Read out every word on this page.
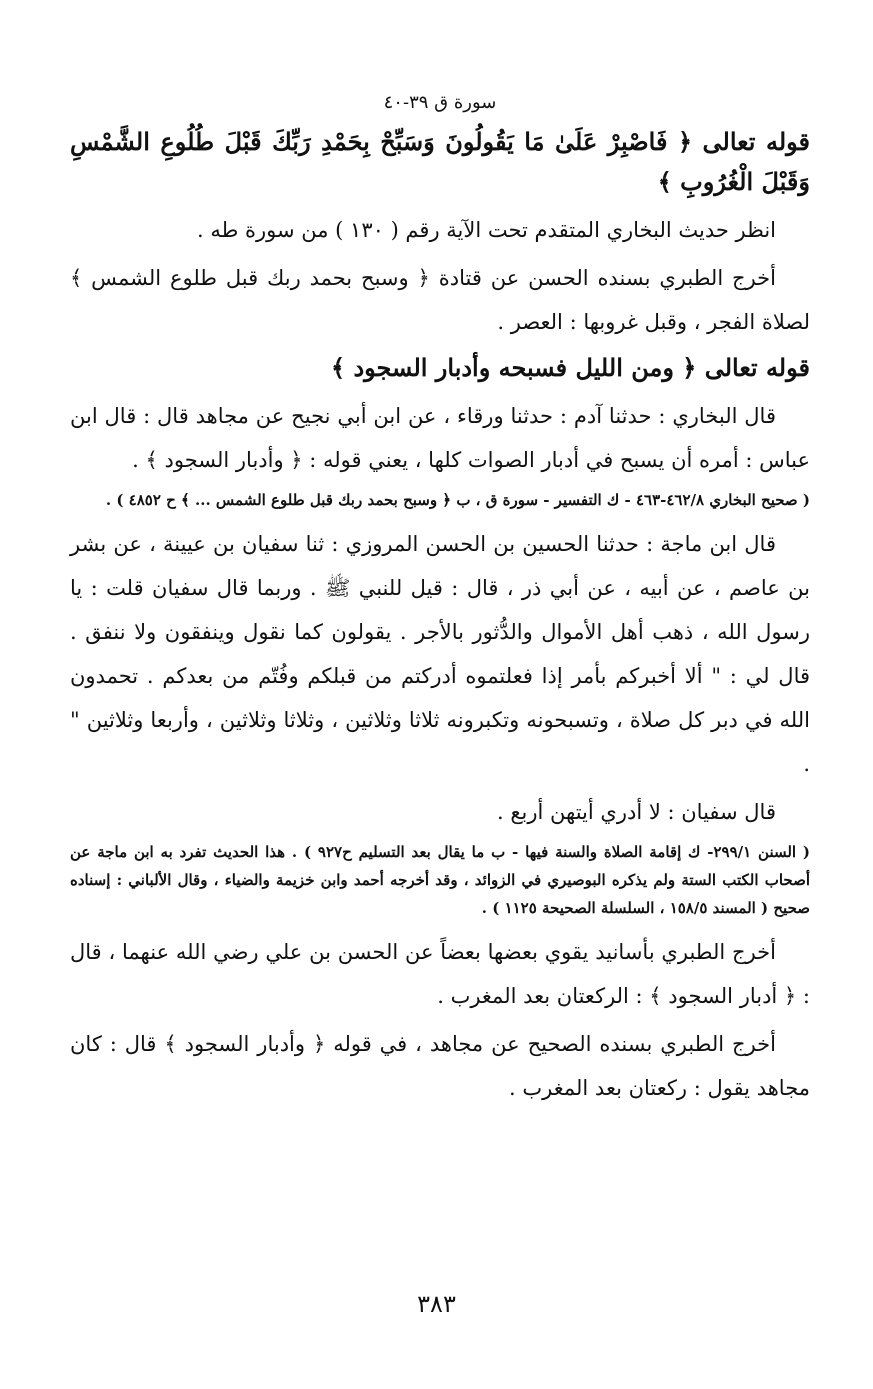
سورة ق ٣٩-٤٠
قوله تعالى ﴿ فَاصْبِرْ عَلَىٰ مَا يَقُولُونَ وَسَبِّحْ بِحَمْدِ رَبِّكَ قَبْلَ طُلُوعِ الشَّمْسِ وَقَبْلَ الْغُرُوبِ ﴾
انظر حديث البخاري المتقدم تحت الآية رقم ( ١٣٠ ) من سورة طه .
أخرج الطبري بسنده الحسن عن قتادة ﴿ وسبح بحمد ربك قبل طلوع الشمس ﴾ لصلاة الفجر ، وقبل غروبها : العصر .
قوله تعالى ﴿ ومن الليل فسبحه وأدبار السجود ﴾
قال البخاري : حدثنا آدم : حدثنا ورقاء ، عن ابن أبي نجيح عن مجاهد قال : قال ابن عباس : أمره أن يسبح في أدبار الصوات كلها ، يعني قوله : ﴿ وأدبار السجود ﴾ .
( صحيح البخاري ٤٦٢/٨-٤٦٣ - ك التفسير - سورة ق ، ب ﴿ وسبح بحمد ربك قبل طلوع الشمس ... ﴾ ح ٤٨٥٢ ) .
قال ابن ماجة : حدثنا الحسين بن الحسن المروزي : ثنا سفيان بن عيينة ، عن بشر بن عاصم ، عن أبيه ، عن أبي ذر ، قال : قيل للنبي ﷺ . وربما قال سفيان قلت : يا رسول الله ، ذهب أهل الأموال والدُّثور بالأجر . يقولون كما نقول وينفقون ولا ننفق . قال لي : " ألا أخبركم بأمر إذا فعلتموه أدركتم من قبلكم وفُتّم من بعدكم . تحمدون الله في دبر كل صلاة ، وتسبحونه وتكبرونه ثلاثا وثلاثين ، وثلاثا وثلاثين ، وأربعا وثلاثين " .
قال سفيان : لا أدري أيتهن أربع .
( السنن ٢٩٩/١- ك إقامة الصلاة والسنة فيها - ب ما يقال بعد التسليم ح٩٢٧ ) . هذا الحديث تفرد به ابن ماجة عن أصحاب الكتب الستة ولم يذكره البوصيري في الزوائد ، وقد أخرجه أحمد وابن خزيمة والضياء ، وقال الألباني : إسناده صحيح ( المسند ١٥٨/٥ ، السلسلة الصحيحة ١١٢٥ ) .
أخرج الطبري بأسانيد يقوي بعضها بعضاً عن الحسن بن علي رضي الله عنهما ، قال : ﴿ أدبار السجود ﴾ : الركعتان بعد المغرب .
أخرج الطبري بسنده الصحيح عن مجاهد ، في قوله ﴿ وأدبار السجود ﴾ قال : كان مجاهد يقول : ركعتان بعد المغرب .
٣٨٣
